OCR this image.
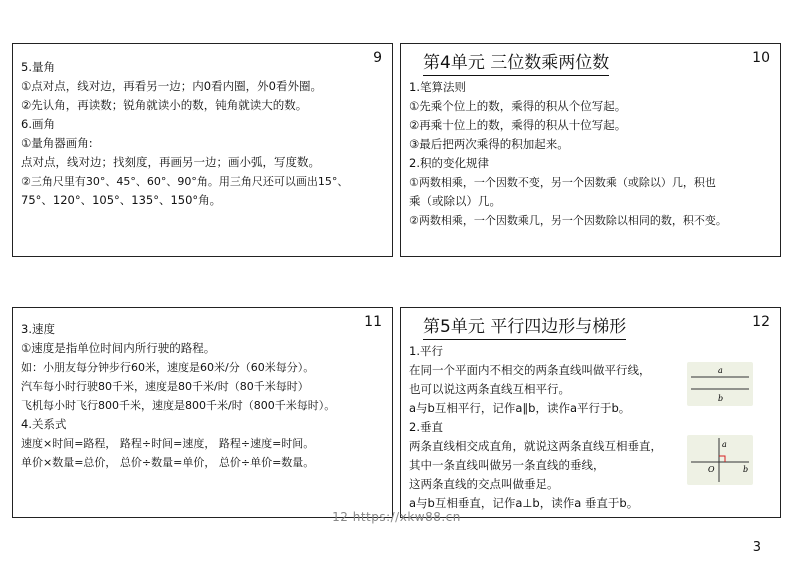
9
5.量角
①点对点，线对边，再看另一边；内0看内圈，外0看外圈。
②先认角，再读数；锐角就读小的数，钝角就读大的数。
6.画角
①量角器画角:
点对点，线对边；找刻度，再画另一边；画小弧，写度数。
②三角尺里有30°、45°、60°、90°角。用三角尺还可以画出15°、
75°、120°、105°、135°、150°角。
10
第4单元 三位数乘两位数
1.笔算法则
①先乘个位上的数，乘得的积从个位写起。
②再乘十位上的数，乘得的积从十位写起。
③最后把两次乘得的积加起来。
2.积的变化规律
①两数相乘，一个因数不变，另一个因数乘（或除以）几，积也
乘（或除以）几。
②两数相乘，一个因数乘几，另一个因数除以相同的数，积不变。
11
3.速度
①速度是指单位时间内所行驶的路程。
如：小朋友每分钟步行60米，速度是60米/分（60米每分）。
汽车每小时行驶80千米，速度是80千米/时（80千米每时）
飞机每小时飞行800千米，速度是800千米/时（800千米每时）。
4.关系式
速度×时间=路程， 路程÷时间=速度， 路程÷速度=时间。
单价×数量=总价， 总价÷数量=单价， 总价÷单价=数量。
12
第5单元 平行四边形与梯形
1.平行
在同一个平面内不相交的两条直线叫做平行线，
也可以说这两条直线互相平行。
a与b互相平行，记作a∥b，读作a平行于b。
2.垂直
两条直线相交成直角，就说这两条直线互相垂直，
其中一条直线叫做另一条直线的垂线，
这两条直线的交点叫做垂足。
a与b互相垂直，记作a⊥b，读作a 垂直于b。
a
b
a
O	b
12 https://xkw88.cn
3
